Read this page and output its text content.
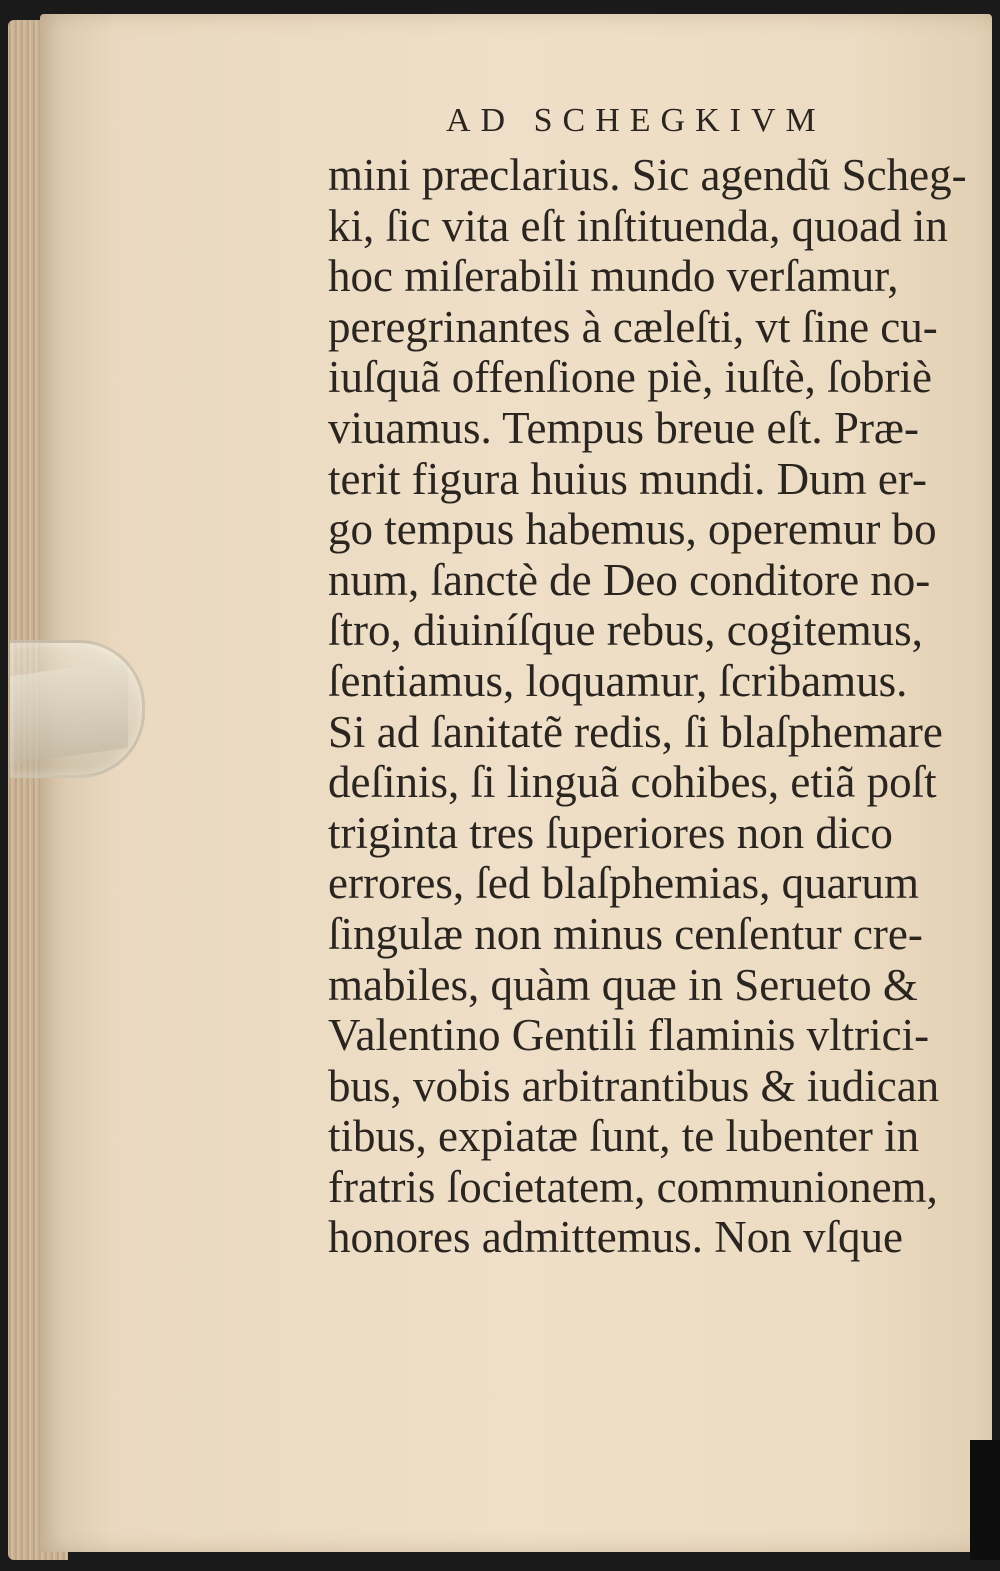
AD SCHEGKIVM
mini præclarius. Sic agendũ Scheg-
ki, ſic vita eſt inſtituenda, quoad in
hoc miſerabili mundo verſamur,
peregrinantes à cæleſti, vt ſine cu-
iuſquã offenſione piè, iuſtè, ſobriè
viuamus. Tempus breue eſt. Præ-
terit figura huius mundi. Dum er-
go tempus habemus, operemur bo
num, ſanctè de Deo conditore no-
ſtro, diuiníſque rebus, cogitemus,
ſentiamus, loquamur, ſcribamus.
Si ad ſanitatẽ redis, ſi blaſphemare
deſinis, ſi linguã cohibes, etiã poſt
triginta tres ſuperiores non dico
errores, ſed blaſphemias, quarum
ſingulæ non minus cenſentur cre-
mabiles, quàm quæ in Serueto &
Valentino Gentili flaminis vltrici-
bus, vobis arbitrantibus & iudican
tibus, expiatæ ſunt, te lubenter in
fratris ſocietatem, communionem,
honores admittemus. Non vſque
